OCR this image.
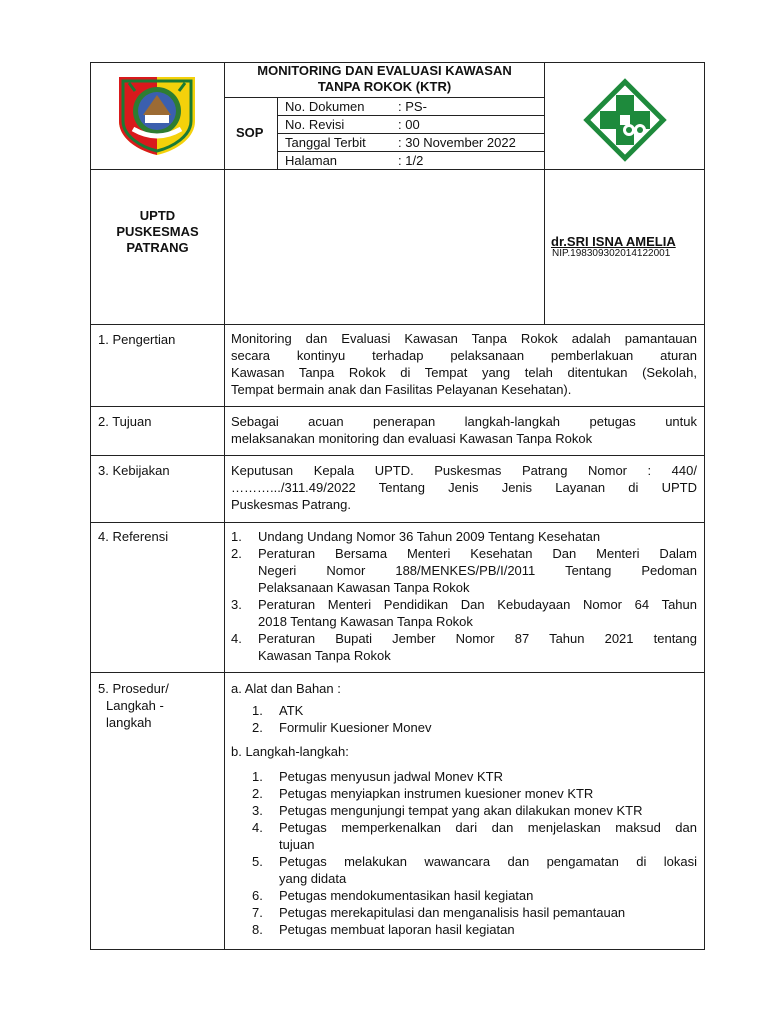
MONITORING DAN EVALUASI KAWASAN
TANPA ROKOK (KTR)
SOP
No. Dokumen	: PS-
No. Revisi	: 00
Tanggal Terbit : 30 November 2022
Halaman	: 1/2
UPTD
PUSKESMAS
PATRANG	dr.SRI ISNA AMELIA
NIP.198309302014122001
1. Pengertian	Monitoring dan Evaluasi Kawasan Tanpa Rokok adalah pamantauan
secara kontinyu terhadap pelaksanaan pemberlakuan aturan
Kawasan Tanpa Rokok di Tempat yang telah ditentukan (Sekolah,
Tempat bermain anak dan Fasilitas Pelayanan Kesehatan).
2. Tujuan	Sebagai acuan penerapan langkah-langkah petugas untuk
melaksanakan monitoring dan evaluasi Kawasan Tanpa Rokok
3. Kebijakan	Keputusan Kepala UPTD. Puskesmas Patrang Nomor : 440/
……….../311.49/2022 Tentang Jenis Jenis Layanan di UPTD
Puskesmas Patrang.
4. Referensi	1. Undang Undang Nomor 36 Tahun 2009 Tentang Kesehatan
2. Peraturan Bersama Menteri Kesehatan Dan Menteri Dalam
Negeri Nomor 188/MENKES/PB/I/2011 Tentang Pedoman
Pelaksanaan Kawasan Tanpa Rokok
3. Peraturan Menteri Pendidikan Dan Kebudayaan Nomor 64 Tahun
2018 Tentang Kawasan Tanpa Rokok
4. Peraturan Bupati Jember Nomor 87 Tahun 2021 tentang
Kawasan Tanpa Rokok
5. Prosedur/
Langkah -
langkah
a. Alat dan Bahan :
1. ATK
2. Formulir Kuesioner Monev
b. Langkah-langkah:
1. Petugas menyusun jadwal Monev KTR
2. Petugas menyiapkan instrumen kuesioner monev KTR
3. Petugas mengunjungi tempat yang akan dilakukan monev KTR
4. Petugas memperkenalkan dari dan menjelaskan maksud dan
tujuan
5. Petugas melakukan wawancara dan pengamatan di lokasi
yang didata
6. Petugas mendokumentasikan hasil kegiatan
7. Petugas merekapitulasi dan menganalisis hasil pemantauan
8. Petugas membuat laporan hasil kegiatan
